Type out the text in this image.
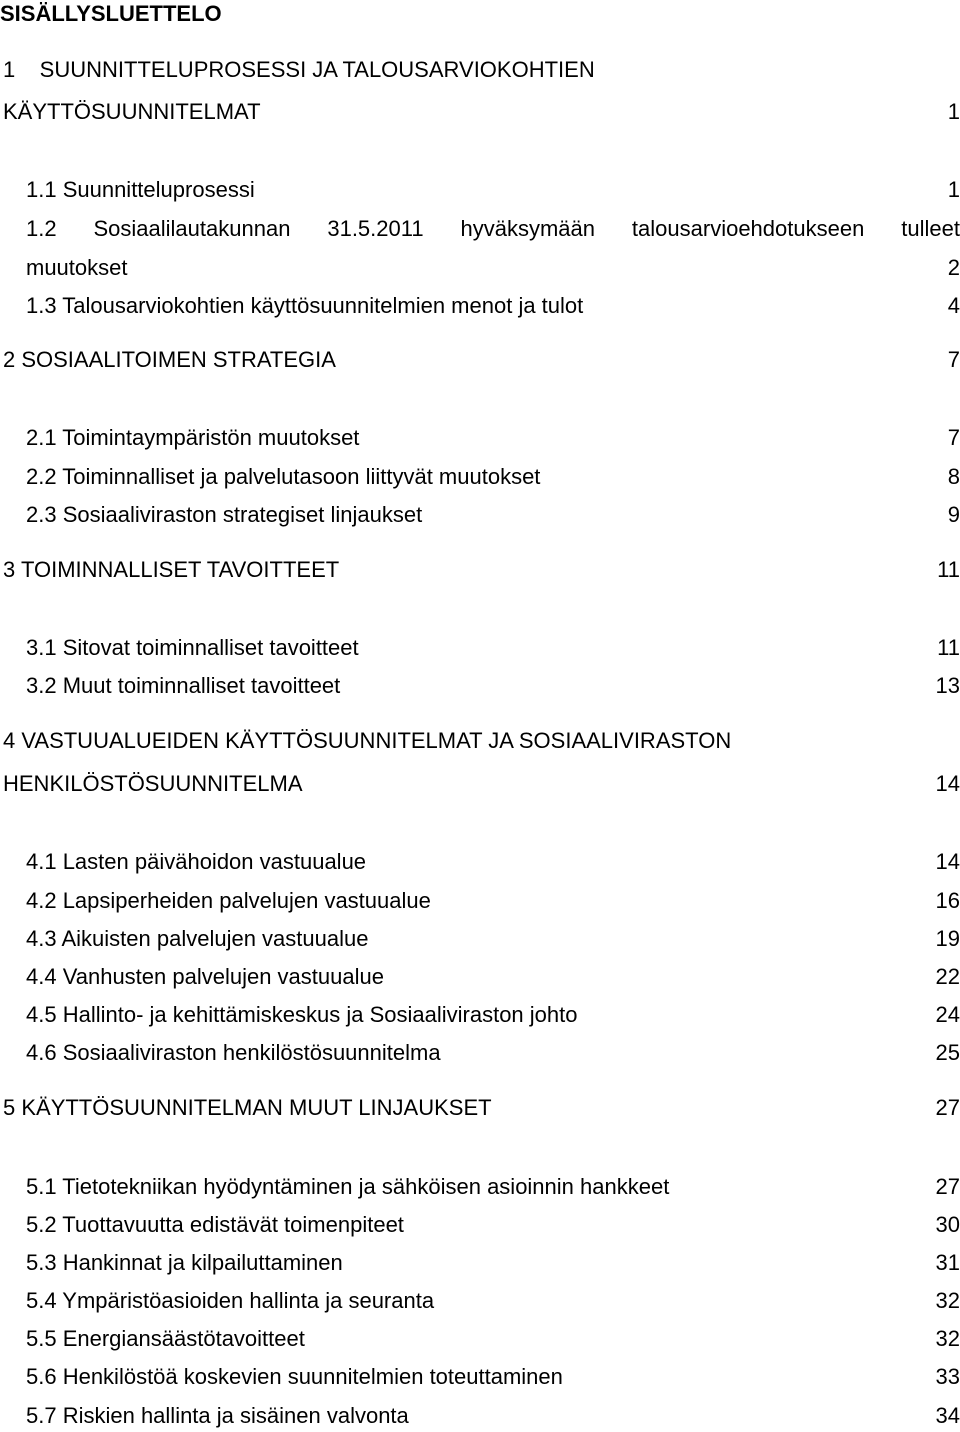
SISÄLLYSLUETTELO
1    SUUNNITTELUPROSESSI JA TALOUSARVIOKOHTIEN
KÄYTTÖSUUNNITELMAT	1
1.1 Suunnitteluprosessi	1
1.2 Sosiaalilautakunnan 31.5.2011 hyväksymään talousarvioehdotukseen tulleet
muutokset	2
1.3 Talousarviokohtien käyttösuunnitelmien menot ja tulot	4
2 SOSIAALITOIMEN STRATEGIA	7
2.1 Toimintaympäristön muutokset	7
2.2 Toiminnalliset ja palvelutasoon liittyvät muutokset	8
2.3 Sosiaaliviraston strategiset linjaukset	9
3 TOIMINNALLISET TAVOITTEET	11
3.1 Sitovat toiminnalliset tavoitteet	11
3.2 Muut toiminnalliset tavoitteet	13
4 VASTUUALUEIDEN KÄYTTÖSUUNNITELMAT JA SOSIAALIVIRASTON
HENKILÖSTÖSUUNNITELMA	14
4.1 Lasten päivähoidon vastuualue	14
4.2 Lapsiperheiden palvelujen vastuualue	16
4.3 Aikuisten palvelujen vastuualue	19
4.4 Vanhusten palvelujen vastuualue	22
4.5 Hallinto- ja kehittämiskeskus ja Sosiaaliviraston johto	24
4.6 Sosiaaliviraston henkilöstösuunnitelma	25
5 KÄYTTÖSUUNNITELMAN MUUT LINJAUKSET	27
5.1 Tietotekniikan hyödyntäminen ja sähköisen asioinnin hankkeet	27
5.2 Tuottavuutta edistävät toimenpiteet	30
5.3 Hankinnat ja kilpailuttaminen	31
5.4 Ympäristöasioiden hallinta ja seuranta	32
5.5 Energiansäästötavoitteet	32
5.6 Henkilöstöä koskevien suunnitelmien toteuttaminen	33
5.7 Riskien hallinta ja sisäinen valvonta	34
